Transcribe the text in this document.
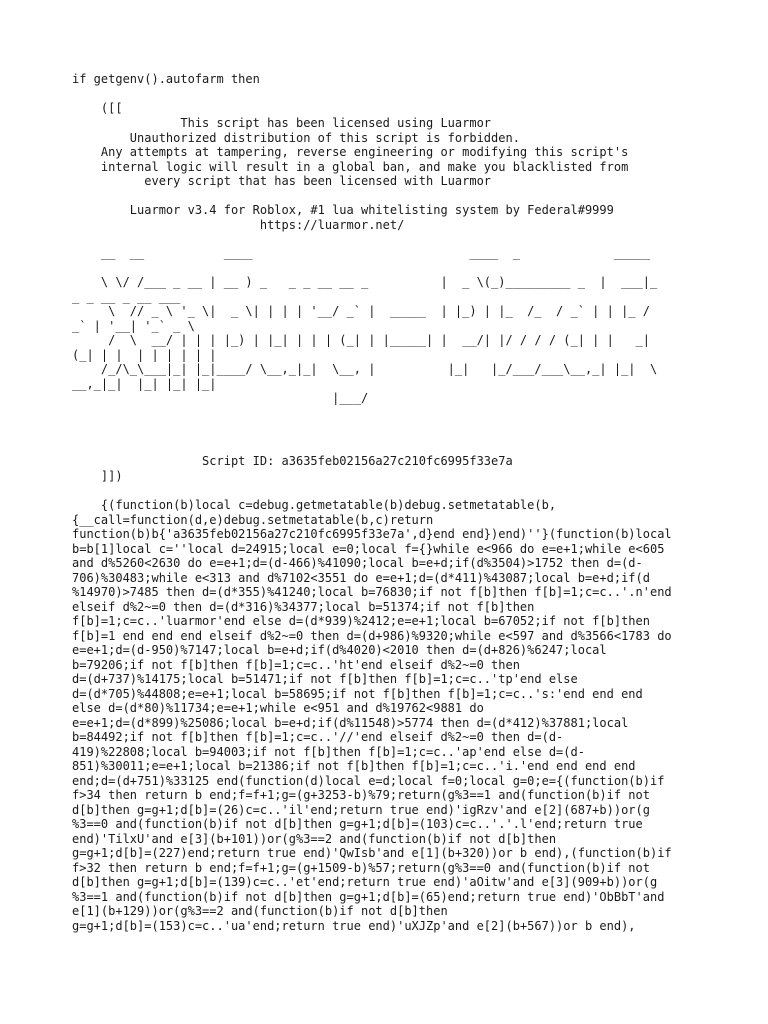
if getgenv().autofarm then
([[
This script has been licensed using Luarmor
Unauthorized distribution of this script is forbidden.
Any attempts at tampering, reverse engineering or modifying this script's
internal logic will result in a global ban, and make you blacklisted from
every script that has been licensed with Luarmor

Luarmor v3.4 for Roblox, #1 lua whitelisting system by Federal#9999
https://luarmor.net/
__  __           ____                              ____  _             _____

\ \/ /___ _ __ | __ ) _   _ _ __ __ _          |  _ \(_)_________ _  |  ___|_
_ _ __ _ __ ___
\  // _ \ '_ \|  _ \| | | | '__/ _` |  _____  | |_) | |_  /_  / _` | | |_ /
_` | '__| '_` _ \
/  \  __/ | | | |_) | |_| | | | (_| | |_____| |  __/| |/ / / / (_| | |   _|
(_| | |  | | | | | |
/_/\_\___|_| |_|____/ \__,_|_|  \__, |          |_|   |_/___/___\__,_| |_|  \
__,_|_|  |_| |_| |_|
|___/
Script ID: a3635feb02156a27c210fc6995f33e7a
]])
{(function(b)local c=debug.getmetatable(b)debug.setmetatable(b,
{__call=function(d,e)debug.setmetatable(b,c)return
function(b)b{'a3635feb02156a27c210fc6995f33e7a',d}end end})end)''}(function(b)local
b=b[1]local c=''local d=24915;local e=0;local f={}while e<966 do e=e+1;while e<605
and d%5260<2630 do e=e+1;d=(d-466)%41090;local b=e+d;if(d%3504)>1752 then d=(d-
706)%30483;while e<313 and d%7102<3551 do e=e+1;d=(d*411)%43087;local b=e+d;if(d
%14970)>7485 then d=(d*355)%41240;local b=76830;if not f[b]then f[b]=1;c=c..'.n'end
elseif d%2~=0 then d=(d*316)%34377;local b=51374;if not f[b]then
f[b]=1;c=c..'luarmor'end else d=(d*939)%2412;e=e+1;local b=67052;if not f[b]then
f[b]=1 end end end elseif d%2~=0 then d=(d+986)%9320;while e<597 and d%3566<1783 do
e=e+1;d=(d-950)%7147;local b=e+d;if(d%4020)<2010 then d=(d+826)%6247;local
b=79206;if not f[b]then f[b]=1;c=c..'ht'end elseif d%2~=0 then
d=(d+737)%14175;local b=51471;if not f[b]then f[b]=1;c=c..'tp'end else
d=(d*705)%44808;e=e+1;local b=58695;if not f[b]then f[b]=1;c=c..'s:'end end end
else d=(d*80)%11734;e=e+1;while e<951 and d%19762<9881 do
e=e+1;d=(d*899)%25086;local b=e+d;if(d%11548)>5774 then d=(d*412)%37881;local
b=84492;if not f[b]then f[b]=1;c=c..'//'end elseif d%2~=0 then d=(d-
419)%22808;local b=94003;if not f[b]then f[b]=1;c=c..'ap'end else d=(d-
851)%30011;e=e+1;local b=21386;if not f[b]then f[b]=1;c=c..'i.'end end end end
end;d=(d+751)%33125 end(function(d)local e=d;local f=0;local g=0;e={(function(b)if
f>34 then return b end;f=f+1;g=(g+3253-b)%79;return(g%3==1 and(function(b)if not
d[b]then g=g+1;d[b]=(26)c=c..'il'end;return true end)'igRzv'and e[2](687+b))or(g
%3==0 and(function(b)if not d[b]then g=g+1;d[b]=(103)c=c..'.'.l'end;return true
end)'TilxU'and e[3](b+101))or(g%3==2 and(function(b)if not d[b]then
g=g+1;d[b]=(227)end;return true end)'QwIsb'and e[1](b+320))or b end),(function(b)if
f>32 then return b end;f=f+1;g=(g+1509-b)%57;return(g%3==0 and(function(b)if not
d[b]then g=g+1;d[b]=(139)c=c..'et'end;return true end)'aOitw'and e[3](909+b))or(g
%3==1 and(function(b)if not d[b]then g=g+1;d[b]=(65)end;return true end)'ObBbT'and
e[1](b+129))or(g%3==2 and(function(b)if not d[b]then
g=g+1;d[b]=(153)c=c..'ua'end;return true end)'uXJZp'and e[2](b+567))or b end),
